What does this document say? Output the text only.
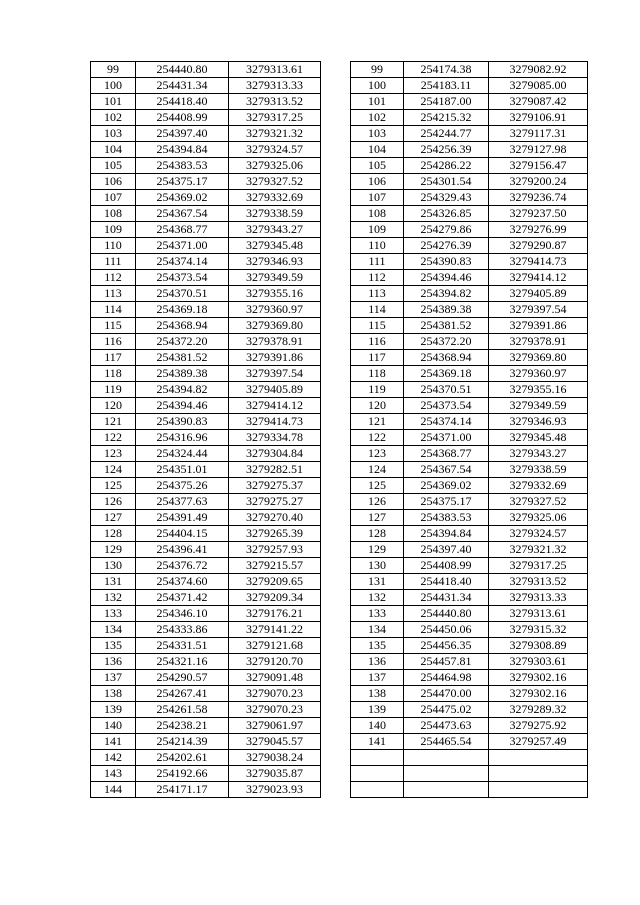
99	254440.80	3279313.61
100	254431.34	3279313.33
101	254418.40	3279313.52
102	254408.99	3279317.25
103	254397.40	3279321.32
104	254394.84	3279324.57
105	254383.53	3279325.06
106	254375.17	3279327.52
107	254369.02	3279332.69
108	254367.54	3279338.59
109	254368.77	3279343.27
110	254371.00	3279345.48
111	254374.14	3279346.93
112	254373.54	3279349.59
113	254370.51	3279355.16
114	254369.18	3279360.97
115	254368.94	3279369.80
116	254372.20	3279378.91
117	254381.52	3279391.86
118	254389.38	3279397.54
119	254394.82	3279405.89
120	254394.46	3279414.12
121	254390.83	3279414.73
122	254316.96	3279334.78
123	254324.44	3279304.84
124	254351.01	3279282.51
125	254375.26	3279275.37
126	254377.63	3279275.27
127	254391.49	3279270.40
128	254404.15	3279265.39
129	254396.41	3279257.93
130	254376.72	3279215.57
131	254374.60	3279209.65
132	254371.42	3279209.34
133	254346.10	3279176.21
134	254333.86	3279141.22
135	254331.51	3279121.68
136	254321.16	3279120.70
137	254290.57	3279091.48
138	254267.41	3279070.23
139	254261.58	3279070.23
140	254238.21	3279061.97
141	254214.39	3279045.57
142	254202.61	3279038.24
143	254192.66	3279035.87
144	254171.17	3279023.93
99	254174.38	3279082.92
100	254183.11	3279085.00
101	254187.00	3279087.42
102	254215.32	3279106.91
103	254244.77	3279117.31
104	254256.39	3279127.98
105	254286.22	3279156.47
106	254301.54	3279200.24
107	254329.43	3279236.74
108	254326.85	3279237.50
109	254279.86	3279276.99
110	254276.39	3279290.87
111	254390.83	3279414.73
112	254394.46	3279414.12
113	254394.82	3279405.89
114	254389.38	3279397.54
115	254381.52	3279391.86
116	254372.20	3279378.91
117	254368.94	3279369.80
118	254369.18	3279360.97
119	254370.51	3279355.16
120	254373.54	3279349.59
121	254374.14	3279346.93
122	254371.00	3279345.48
123	254368.77	3279343.27
124	254367.54	3279338.59
125	254369.02	3279332.69
126	254375.17	3279327.52
127	254383.53	3279325.06
128	254394.84	3279324.57
129	254397.40	3279321.32
130	254408.99	3279317.25
131	254418.40	3279313.52
132	254431.34	3279313.33
133	254440.80	3279313.61
134	254450.06	3279315.32
135	254456.35	3279308.89
136	254457.81	3279303.61
137	254464.98	3279302.16
138	254470.00	3279302.16
139	254475.02	3279289.32
140	254473.63	3279275.92
141	254465.54	3279257.49
